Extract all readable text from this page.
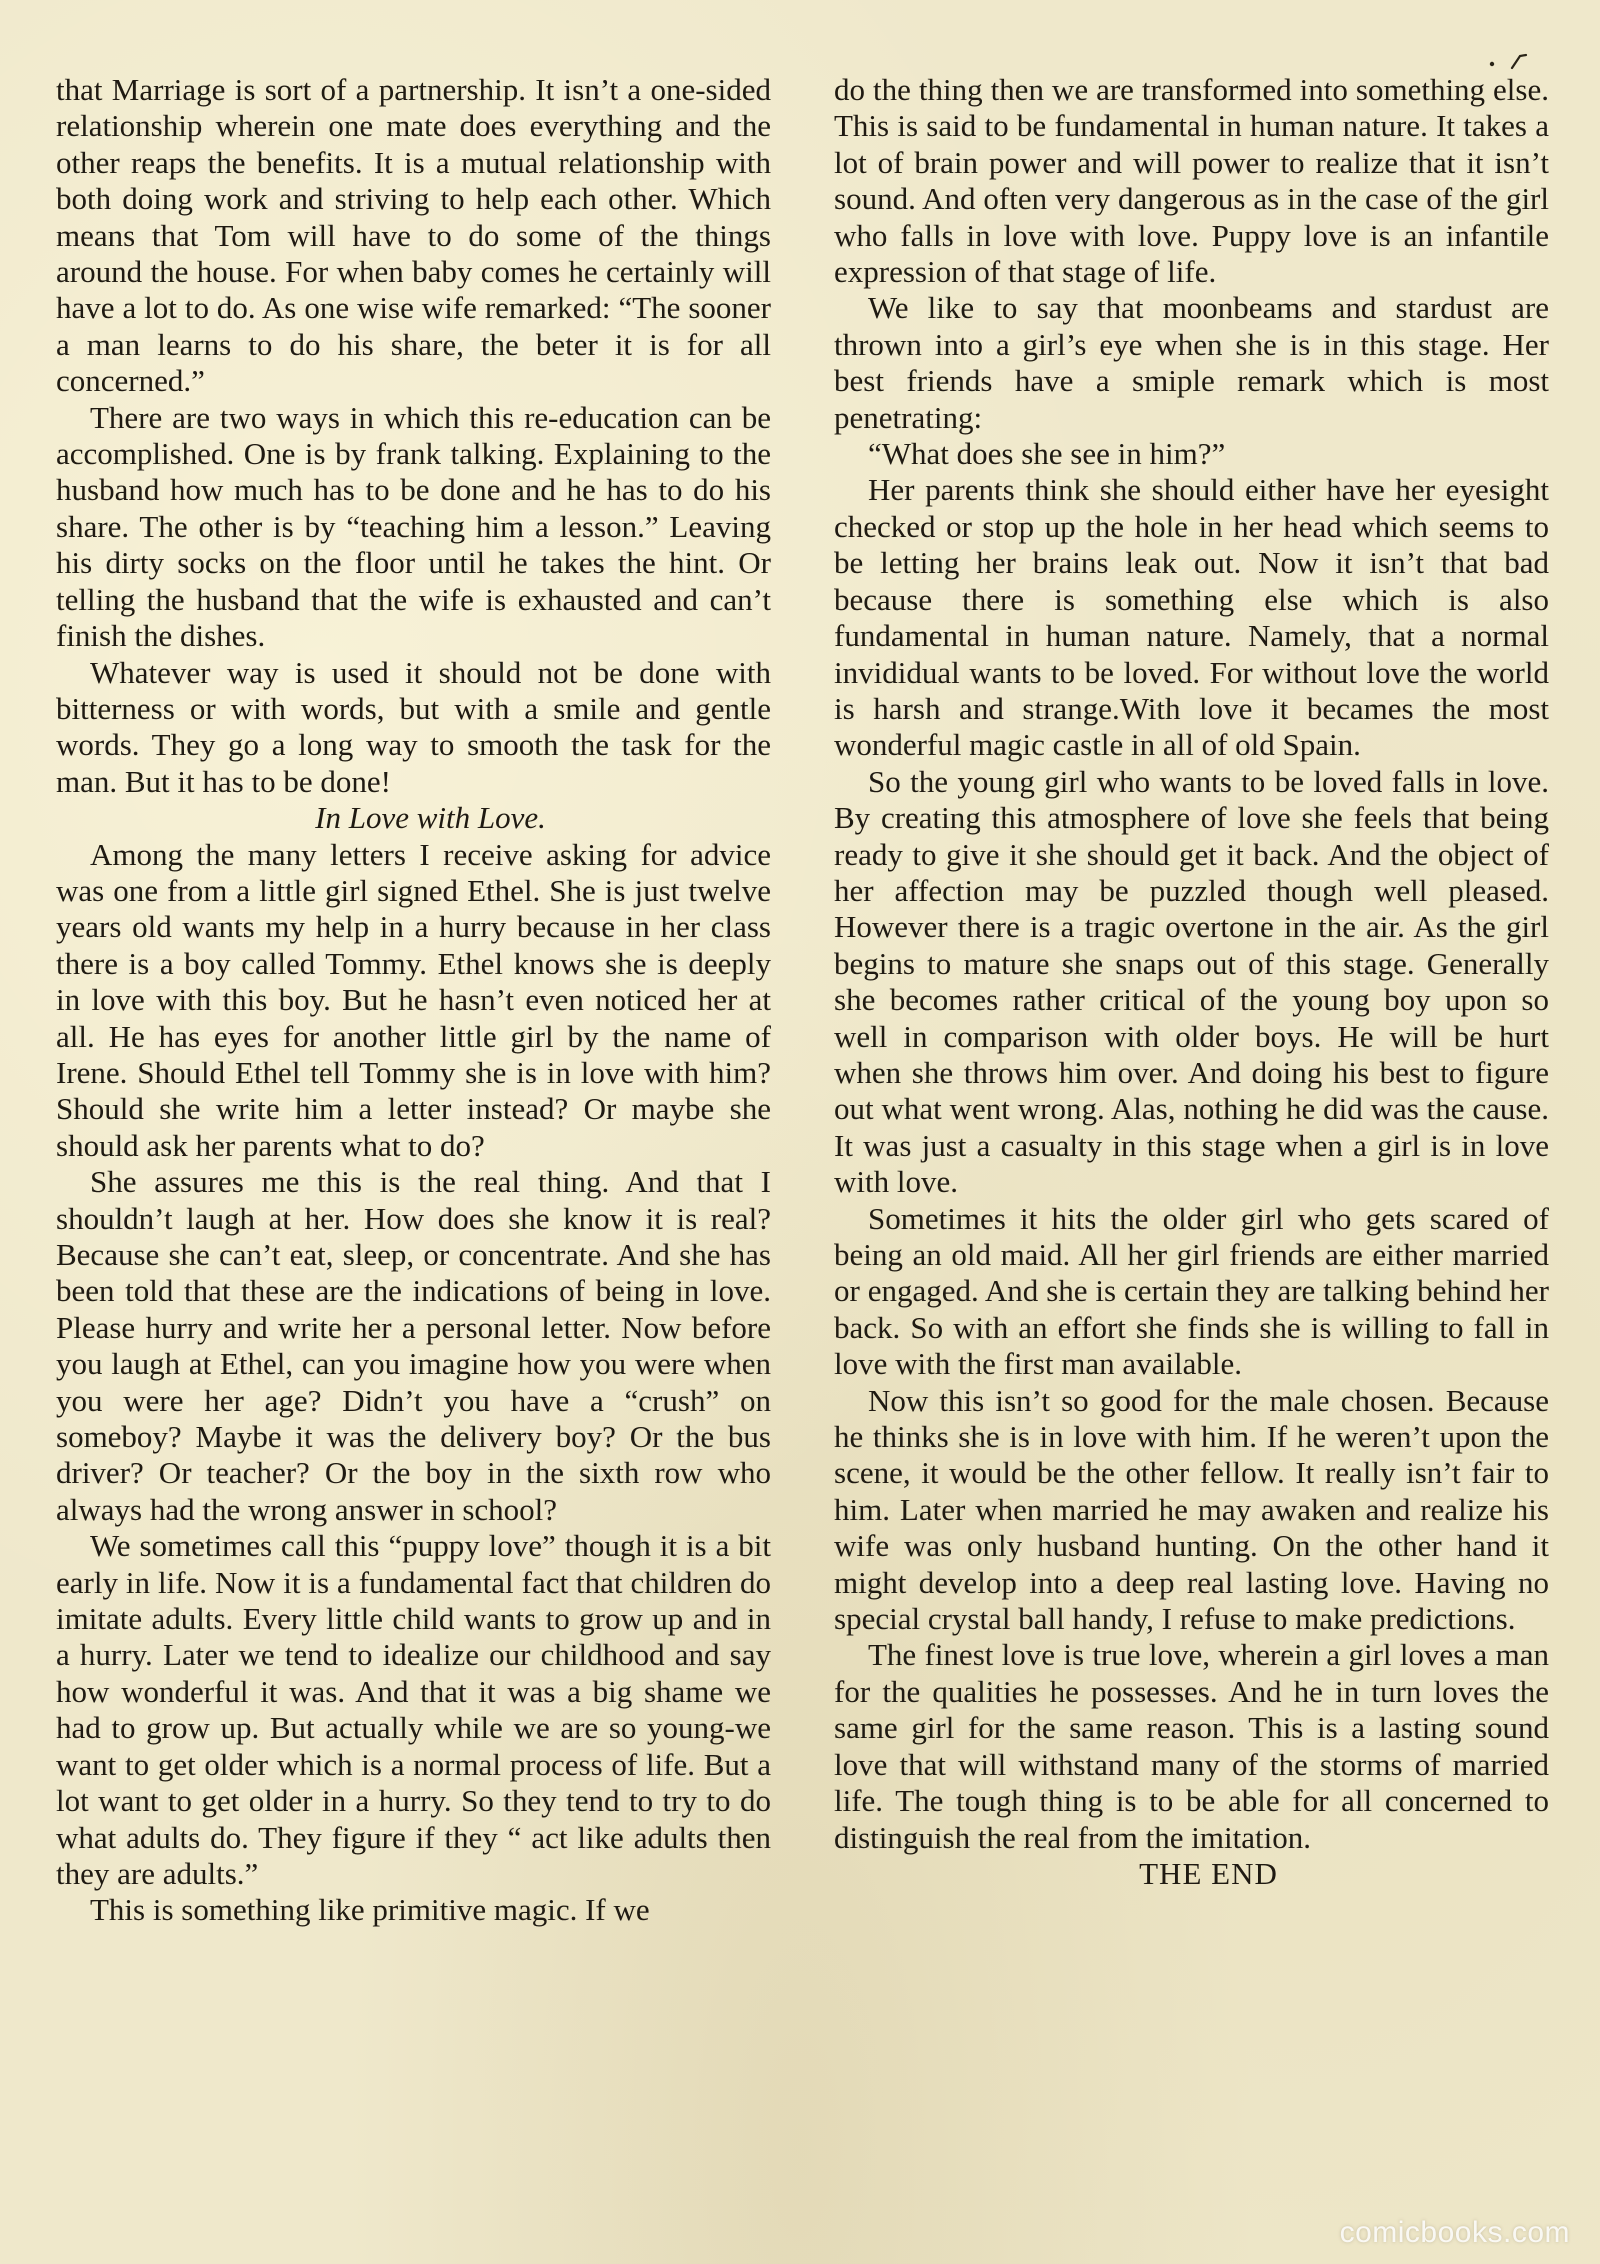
that Marriage is sort of a partnership. It isn’t a one-sided relationship wherein one mate does everything and the other reaps the benefits. It is a mutual relationship with both doing work and striving to help each other. Which means that Tom will have to do some of the things around the house. For when baby comes he certainly will have a lot to do. As one wise wife remarked: “The sooner a man learns to do his share, the beter it is for all concerned.”

There are two ways in which this re-education can be accomplished. One is by frank talking. Explaining to the husband how much has to be done and he has to do his share. The other is by “teaching him a lesson.” Leaving his dirty socks on the floor until he takes the hint. Or telling the husband that the wife is exhausted and can’t finish the dishes.

Whatever way is used it should not be done with bitterness or with words, but with a smile and gentle words. They go a long way to smooth the task for the man. But it has to be done!

In Love with Love.

Among the many letters I receive asking for advice was one from a little girl signed Ethel. She is just twelve years old wants my help in a hurry because in her class there is a boy called Tommy. Ethel knows she is deeply in love with this boy. But he hasn’t even noticed her at all. He has eyes for another little girl by the name of Irene. Should Ethel tell Tommy she is in love with him? Should she write him a letter instead? Or maybe she should ask her parents what to do?

She assures me this is the real thing. And that I shouldn’t laugh at her. How does she know it is real? Because she can’t eat, sleep, or concentrate. And she has been told that these are the indications of being in love. Please hurry and write her a personal letter. Now before you laugh at Ethel, can you imagine how you were when you were her age? Didn’t you have a “crush” on someboy? Maybe it was the delivery boy? Or the bus driver? Or teacher? Or the boy in the sixth row who always had the wrong answer in school?

We sometimes call this “puppy love” though it is a bit early in life. Now it is a fundamental fact that children do imitate adults. Every little child wants to grow up and in a hurry. Later we tend to idealize our childhood and say how wonderful it was. And that it was a big shame we had to grow up. But actually while we are so young-we want to get older which is a normal process of life. But a lot want to get older in a hurry. So they tend to try to do what adults do. They figure if they “ act like adults then they are adults.”

This is something like primitive magic. If we

do the thing then we are transformed into something else. This is said to be fundamental in human nature. It takes a lot of brain power and will power to realize that it isn’t sound. And often very dangerous as in the case of the girl who falls in love with love. Puppy love is an infantile expression of that stage of life.

We like to say that moonbeams and stardust are thrown into a girl’s eye when she is in this stage. Her best friends have a smiple remark which is most penetrating:

“What does she see in him?”

Her parents think she should either have her eyesight checked or stop up the hole in her head which seems to be letting her brains leak out. Now it isn’t that bad because there is something else which is also fundamental in human nature. Namely, that a normal invididual wants to be loved. For without love the world is harsh and strange.With love it becames the most wonderful magic castle in all of old Spain.

So the young girl who wants to be loved falls in love. By creating this atmosphere of love she feels that being ready to give it she should get it back. And the object of her affection may be puzzled though well pleased. However there is a tragic overtone in the air. As the girl begins to mature she snaps out of this stage. Generally she becomes rather critical of the young boy upon so well in comparison with older boys. He will be hurt when she throws him over. And doing his best to figure out what went wrong. Alas, nothing he did was the cause. It was just a casualty in this stage when a girl is in love with love.

Sometimes it hits the older girl who gets scared of being an old maid. All her girl friends are either married or engaged. And she is certain they are talking behind her back. So with an effort she finds she is willing to fall in love with the first man available.

Now this isn’t so good for the male chosen. Because he thinks she is in love with him. If he weren’t upon the scene, it would be the other fellow. It really isn’t fair to him. Later when married he may awaken and realize his wife was only husband hunting. On the other hand it might develop into a deep real lasting love. Having no special crystal ball handy, I refuse to make predictions.

The finest love is true love, wherein a girl loves a man for the qualities he possesses. And he in turn loves the same girl for the same reason. This is a lasting sound love that will withstand many of the storms of married life. The tough thing is to be able for all concerned to distinguish the real from the imitation.

THE END

comicbooks.com
